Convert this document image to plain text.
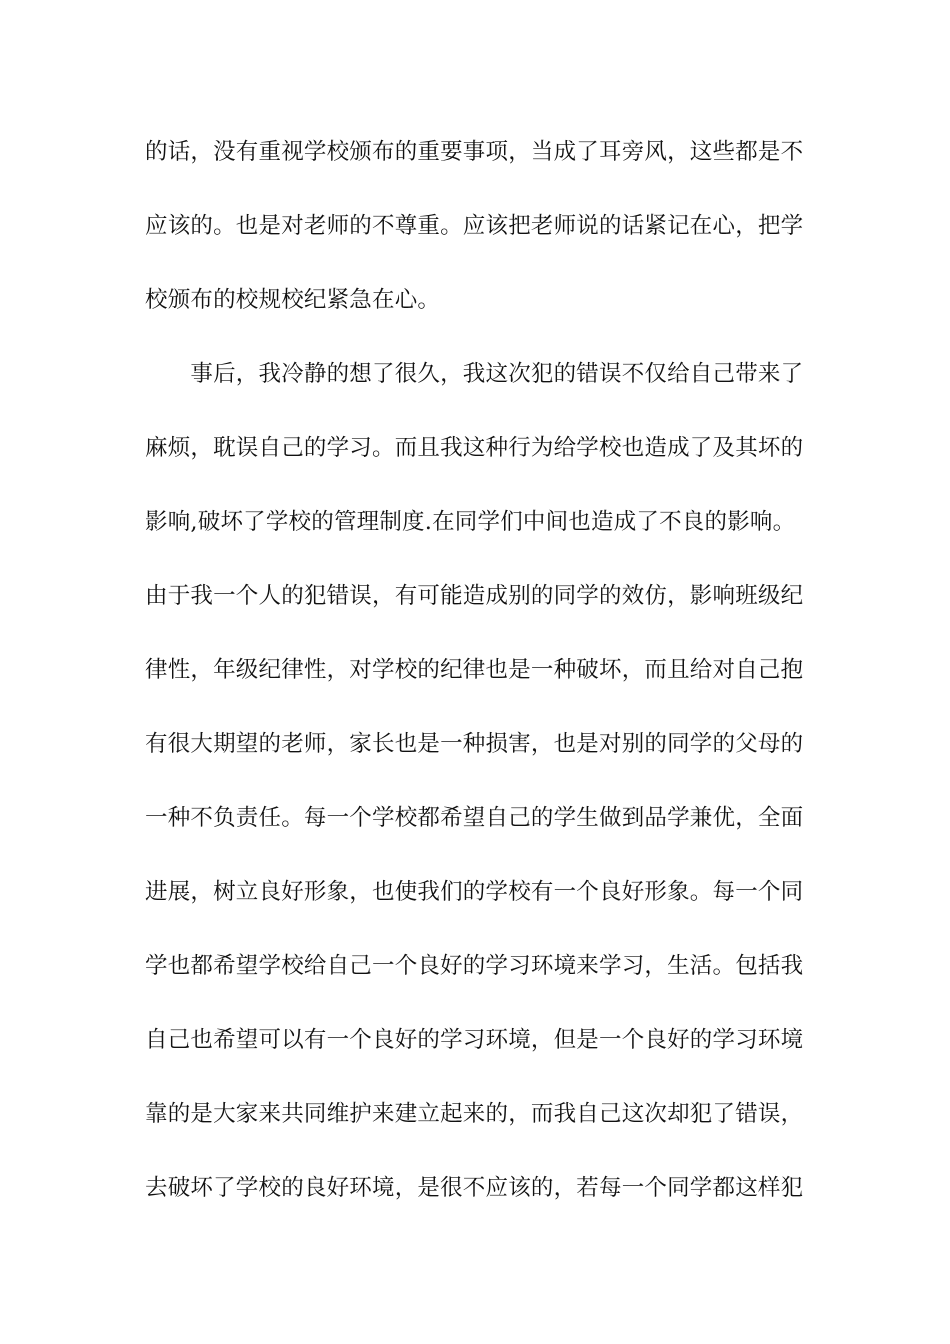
的话，没有重视学校颁布的重要事项，当成了耳旁风，这些都是不
应该的。也是对老师的不尊重。应该把老师说的话紧记在心，把学
校颁布的校规校纪紧急在心。
　　事后，我冷静的想了很久，我这次犯的错误不仅给自己带来了
麻烦，耽误自己的学习。而且我这种行为给学校也造成了及其坏的
影响,破坏了学校的管理制度.在同学们中间也造成了不良的影响。
由于我一个人的犯错误，有可能造成别的同学的效仿，影响班级纪
律性，年级纪律性，对学校的纪律也是一种破坏，而且给对自己抱
有很大期望的老师，家长也是一种损害，也是对别的同学的父母的
一种不负责任。每一个学校都希望自己的学生做到品学兼优，全面
进展，树立良好形象，也使我们的学校有一个良好形象。每一个同
学也都希望学校给自己一个良好的学习环境来学习，生活。包括我
自己也希望可以有一个良好的学习环境，但是一个良好的学习环境
靠的是大家来共同维护来建立起来的，而我自己这次却犯了错误，
去破坏了学校的良好环境，是很不应该的，若每一个同学都这样犯
